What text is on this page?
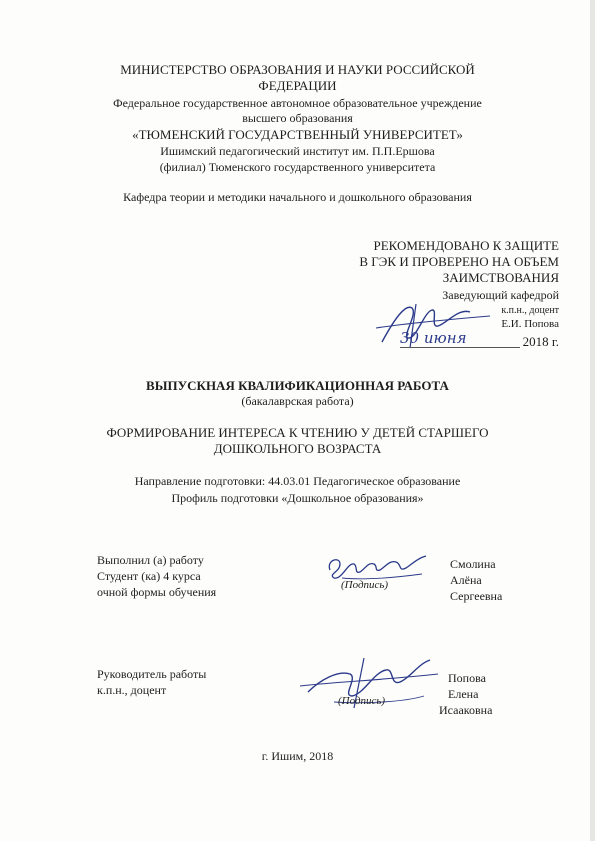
МИНИСТЕРСТВО ОБРАЗОВАНИЯ И НАУКИ РОССИЙСКОЙ
ФЕДЕРАЦИИ
Федеральное государственное автономное образовательное учреждение
высшего образования
«ТЮМЕНСКИЙ ГОСУДАРСТВЕННЫЙ УНИВЕРСИТЕТ»
Ишимский педагогический институт им. П.П.Ершова
(филиал) Тюменского государственного университета
Кафедра теории и методики начального и дошкольного образования
РЕКОМЕНДОВАНО К ЗАЩИТЕ
В ГЭК И ПРОВЕРЕНО НА ОБЪЕМ
ЗАИМСТВОВАНИЯ
Заведующий кафедрой
к.п.н., доцент
Е.И. Попова
30 июня	2018 г.
ВЫПУСКНАЯ КВАЛИФИКАЦИОННАЯ РАБОТА
(бакалаврская работа)
ФОРМИРОВАНИЕ ИНТЕРЕСА К ЧТЕНИЮ У ДЕТЕЙ СТАРШЕГО
ДОШКОЛЬНОГО ВОЗРАСТА
Направление подготовки: 44.03.01 Педагогическое образование
Профиль подготовки «Дошкольное образования»
Выполнил (а) работу
Студент (ка) 4 курса
очной формы обучения	(Подпись)
Смолина
Алёна
Сергеевна
Руководитель работы
к.п.н., доцент
(Подпись)
Попова
Елена
Исааковна
г. Ишим, 2018
